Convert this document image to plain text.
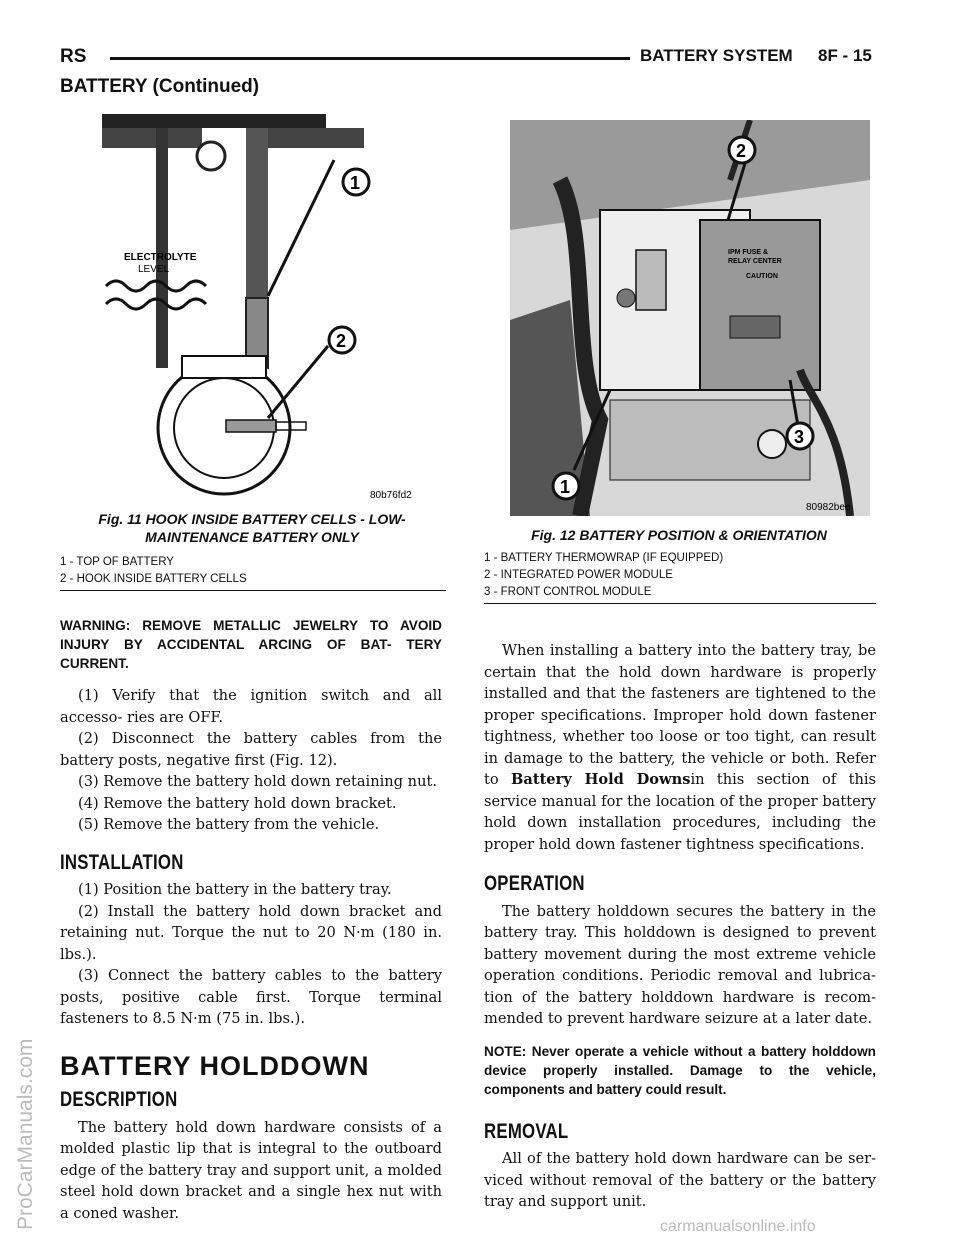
RS	BATTERY SYSTEM 8F - 15
BATTERY (Continued)
ELECTROLYTE
LEVEL
1
2
80b76fd2
Fig. 11 HOOK INSIDE BATTERY CELLS - LOW-
MAINTENANCE BATTERY ONLY
1 - TOP OF BATTERY
2 - HOOK INSIDE BATTERY CELLS
IPM FUSE &
RELAY CENTER
CAUTION
2
3
1
80982bee
Fig. 12 BATTERY POSITION & ORIENTATION
1 - BATTERY THERMOWRAP (IF EQUIPPED)
2 - INTEGRATED POWER MODULE
3 - FRONT CONTROL MODULE
WARNING: REMOVE METALLIC JEWELRY TO AVOID INJURY BY ACCIDENTAL ARCING OF BAT- TERY CURRENT.

(1) Verify that the ignition switch and all accesso- ries are OFF.

(2) Disconnect the battery cables from the battery posts, negative first (Fig. 12).

(3) Remove the battery hold down retaining nut.

(4) Remove the battery hold down bracket.

(5) Remove the battery from the vehicle.

INSTALLATION

(1) Position the battery in the battery tray.

(2) Install the battery hold down bracket and retaining nut. Torque the nut to 20 N·m (180 in. lbs.).

(3) Connect the battery cables to the battery posts, positive cable first. Torque terminal fasteners to 8.5 N·m (75 in. lbs.).

BATTERY HOLDDOWN
DESCRIPTION

The battery hold down hardware consists of a molded plastic lip that is integral to the outboard edge of the battery tray and support unit, a molded steel hold down bracket and a single hex nut with a coned washer.

When installing a battery into the battery tray, be certain that the hold down hardware is properly installed and that the fasteners are tightened to the proper specifications. Improper hold down fastener tightness, whether too loose or too tight, can result in damage to the battery, the vehicle or both. Refer to Battery Hold Downsin this section of this service manual for the location of the proper battery hold down installation procedures, including the proper hold down fastener tightness specifications.

OPERATION

The battery holddown secures the battery in the battery tray. This holddown is designed to prevent battery movement during the most extreme vehicle operation conditions. Periodic removal and lubrica- tion of the battery holddown hardware is recom- mended to prevent hardware seizure at a later date.

NOTE: Never operate a vehicle without a battery holddown device properly installed. Damage to the vehicle, components and battery could result.
REMOVAL

All of the battery hold down hardware can be ser- viced without removal of the battery or the battery tray and support unit.

ProCarManuals.com	carmanualsonline.info
